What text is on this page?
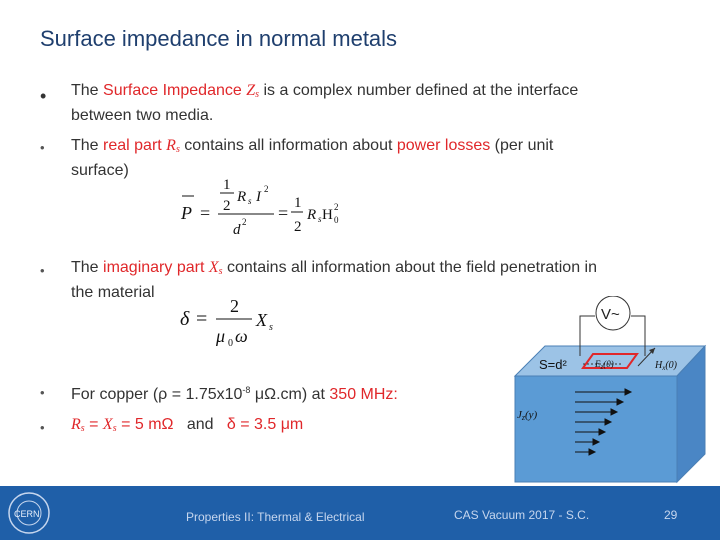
Surface impedance in normal metals
• The Surface Impedance $Z_s$ is a complex number defined at the interface
between two media.
• The real part $R_s$ contains all information about power losses (per unit
surface)
P =
1
2
R s I 2
d 2 = 1
2
R s H 2
0
• The imaginary part $X_s$ contains all information about the field penetration in
the material
δ =
2
μ 0 ω
X s
• For copper ($\rho = 1.75x10^{-8}$ μΩ.cm) at 350 MHz:
• $R_s = X_s = 5$ mΩ and δ = 3.5 μm
V~
S=d²	$E_z(0)$	$H_x(0)$
Jz(y)
CERN	Properties II: Thermal & Electrical	CAS Vacuum 2017 - S.C.	29
